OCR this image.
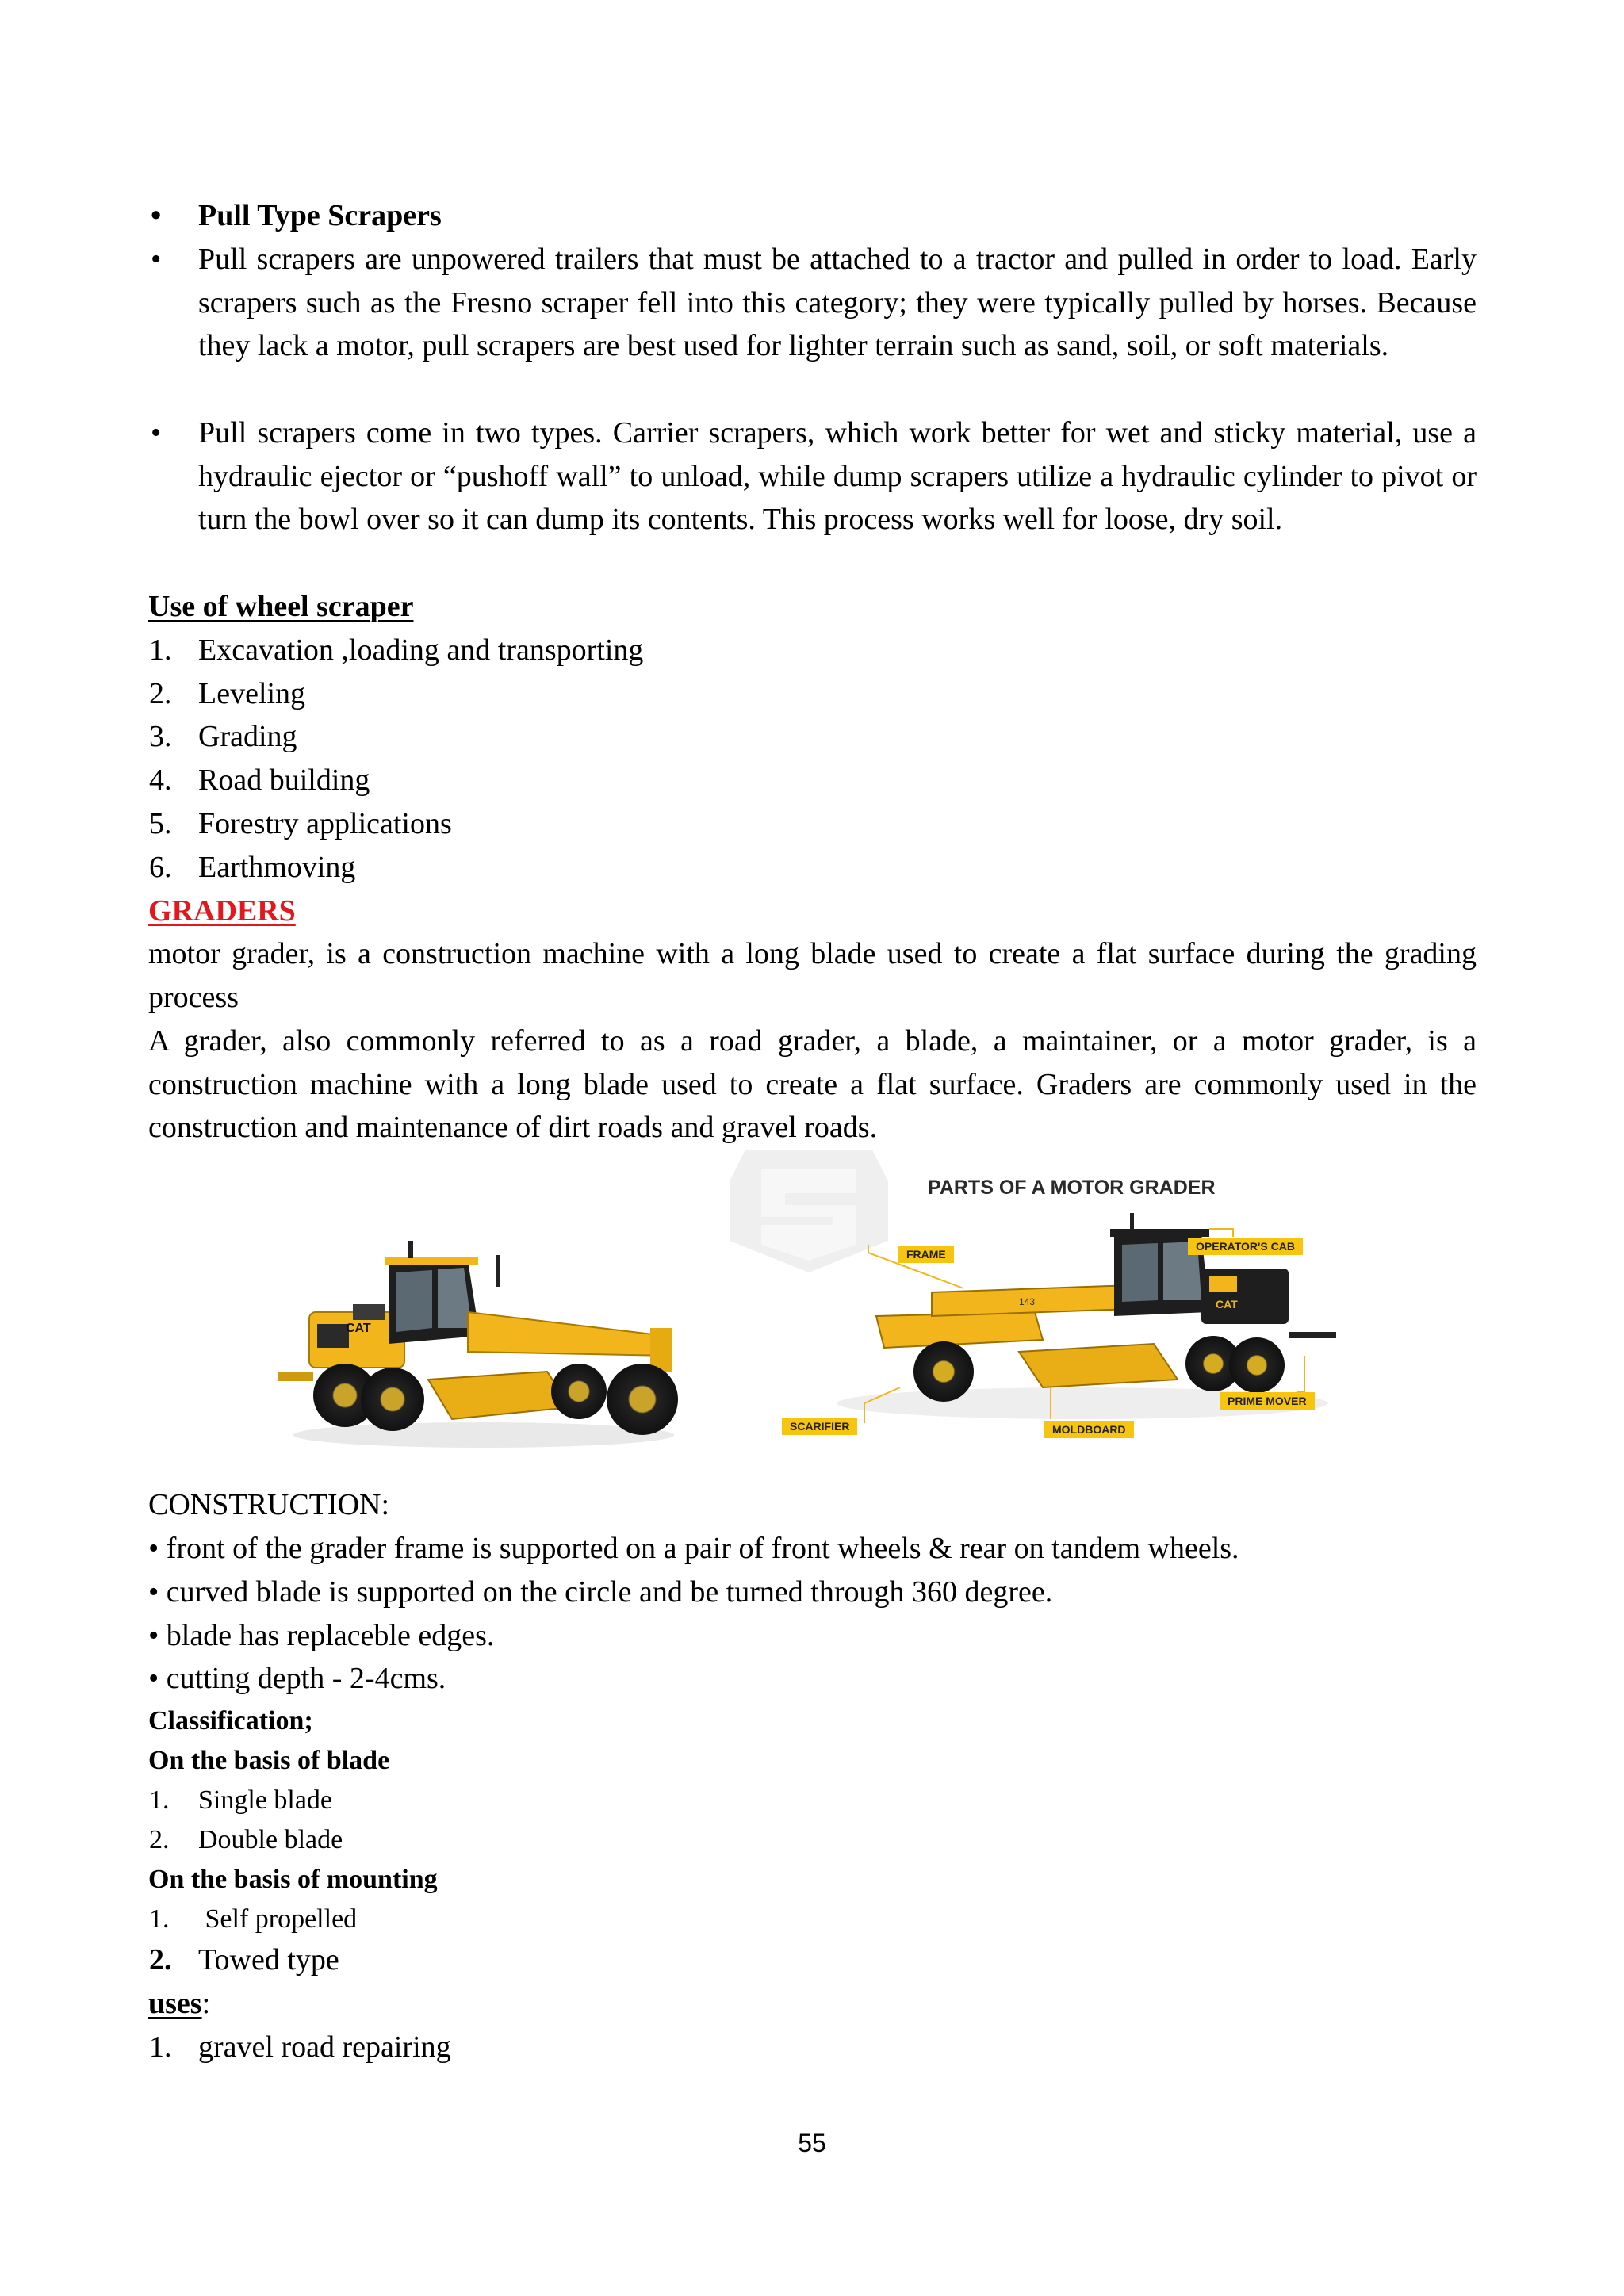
• Pull Type Scrapers
• Pull scrapers are unpowered trailers that must be attached to a tractor and pulled in order to load. Early scrapers such as the Fresno scraper fell into this category; they were typically pulled by horses. Because they lack a motor, pull scrapers are best used for lighter terrain such as sand, soil, or soft materials.
• Pull scrapers come in two types. Carrier scrapers, which work better for wet and sticky material, use a hydraulic ejector or “pushoff wall” to unload, while dump scrapers utilize a hydraulic cylinder to pivot or turn the bowl over so it can dump its contents. This process works well for loose, dry soil.
Use of wheel scraper
1. Excavation ,loading and transporting
2. Leveling
3. Grading
4. Road building
5. Forestry applications
6. Earthmoving
GRADERS
motor grader, is a construction machine with a long blade used to create a flat surface during the grading process
A grader, also commonly referred to as a road grader, a blade, a maintainer, or a motor grader, is a construction machine with a long blade used to create a flat surface. Graders are commonly used in the construction and maintenance of dirt roads and gravel roads.
CAT
PARTS OF A MOTOR GRADER
CAT
143
FRAME
OPERATOR'S CAB
PRIME MOVER
SCARIFIER	MOLDBOARD
CONSTRUCTION:
• front of the grader frame is supported on a pair of front wheels & rear on tandem wheels.
• curved blade is supported on the circle and be turned through 360 degree.
• blade has replaceble edges.
• cutting depth - 2-4cms.
Classification;
On the basis of blade
1. Single blade
2. Double blade
On the basis of mounting
1. Self propelled
2. Towed type
uses:
1. gravel road repairing
55
